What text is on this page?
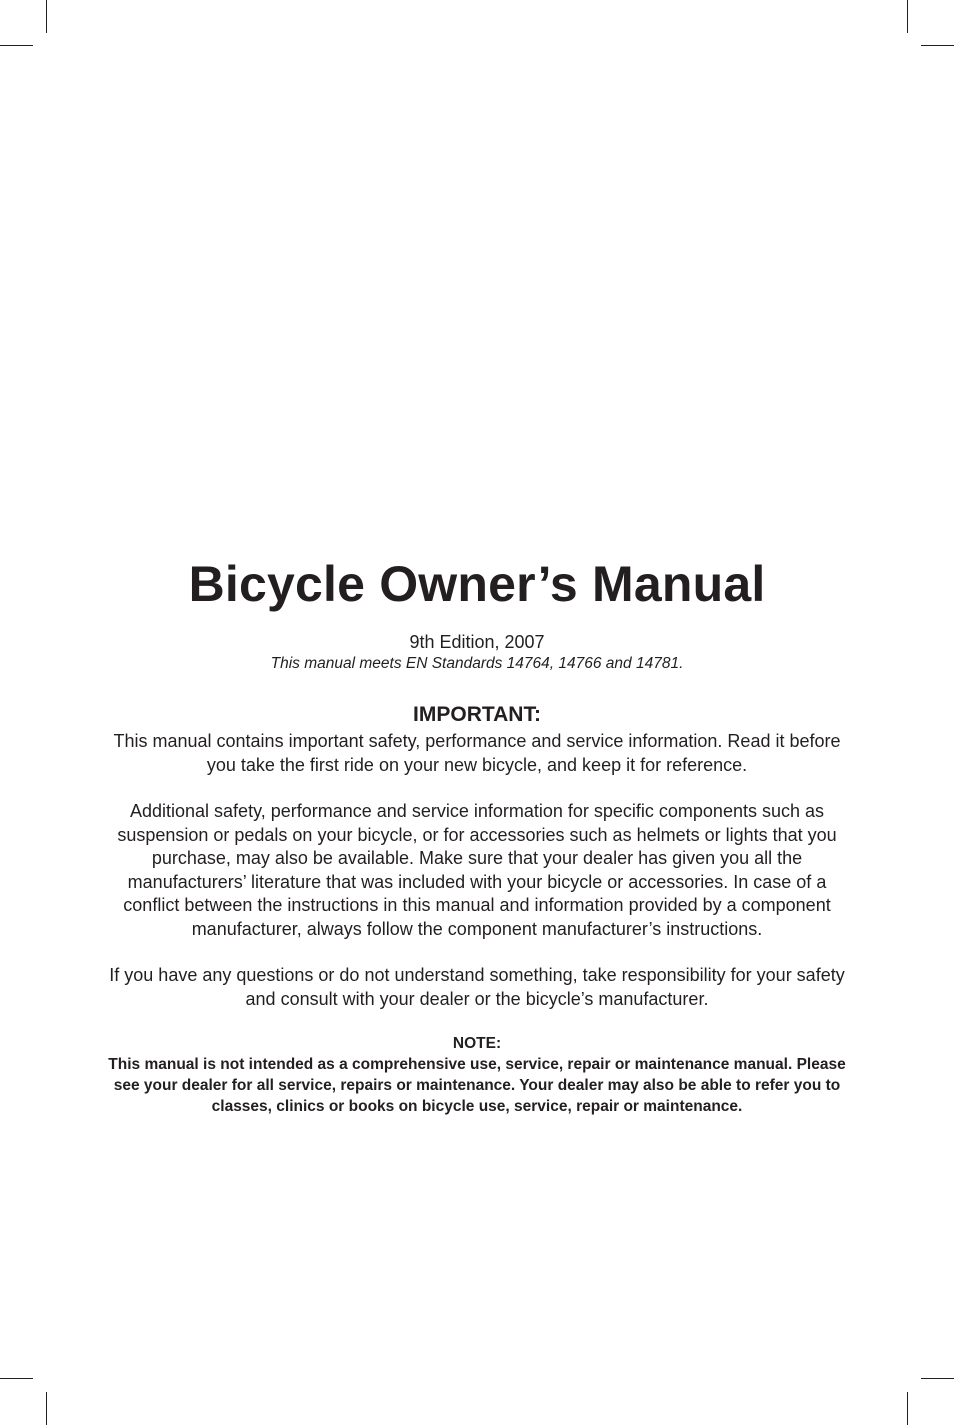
Bicycle Owner’s Manual

9th Edition, 2007

This manual meets EN Standards 14764, 14766 and 14781.

IMPORTANT:

This manual contains important safety, performance and service information. Read it before you take the first ride on your new bicycle, and keep it for reference.

Additional safety, performance and service information for specific components such as suspension or pedals on your bicycle, or for accessories such as helmets or lights that you purchase, may also be available. Make sure that your dealer has given you all the manufacturers’ literature that was included with your bicycle or accessories. In case of a conflict between the instructions in this manual and information provided by a component manufacturer, always follow the component manufacturer’s instructions.

If you have any questions or do not understand something, take responsibility for your safety and consult with your dealer or the bicycle’s manufacturer.

NOTE:

This manual is not intended as a comprehensive use, service, repair or maintenance manual. Please see your dealer for all service, repairs or maintenance. Your dealer may also be able to refer you to classes, clinics or books on bicycle use, service, repair or maintenance.
